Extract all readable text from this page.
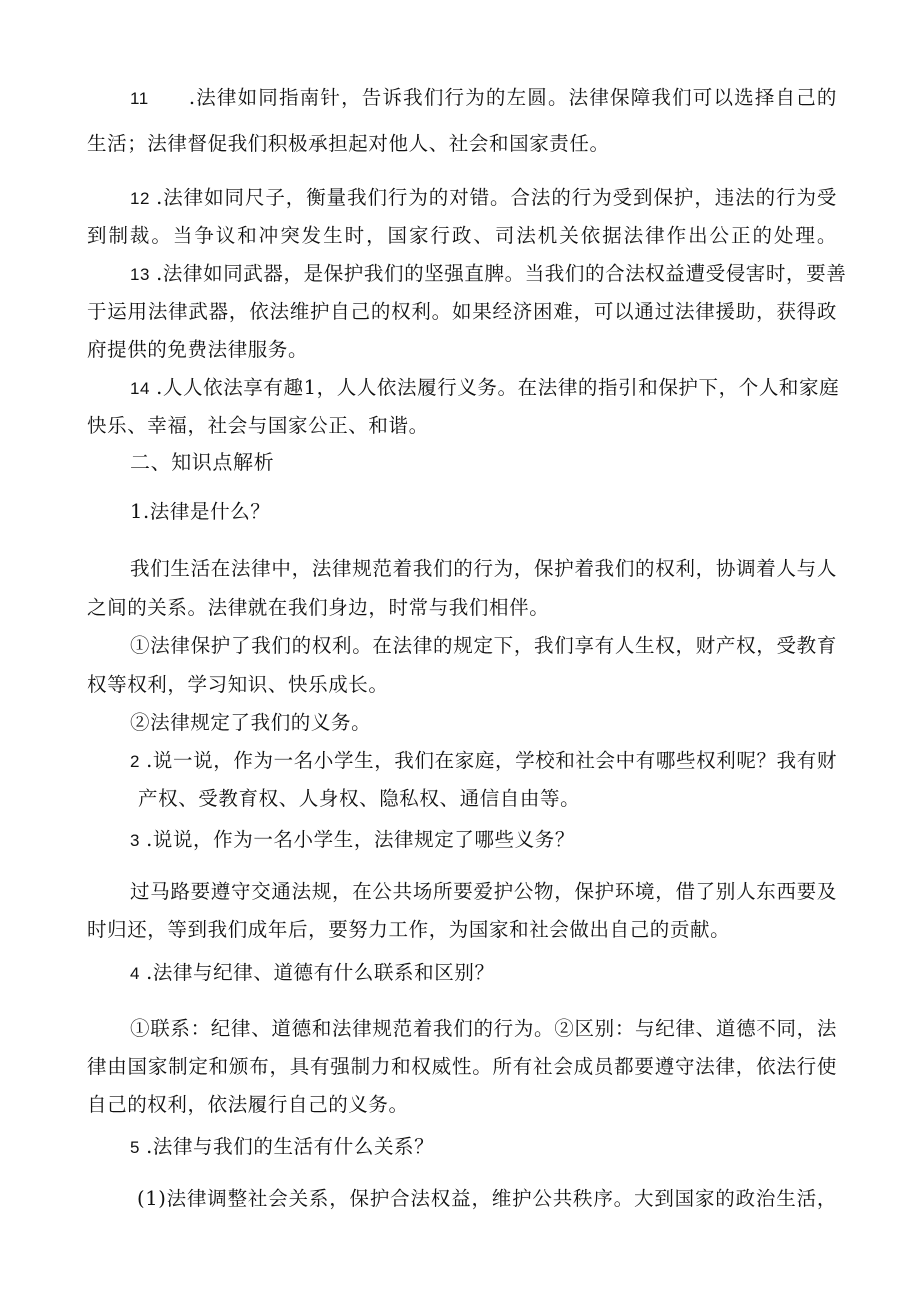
11 .法律如同指南针，告诉我们行为的左圆。法律保障我们可以选择自己的
生活；法律督促我们积极承担起对他人、社会和国家责任。
12 .法律如同尺子，衡量我们行为的对错。合法的行为受到保护，违法的行为受
到制裁。当争议和冲突发生时，国家行政、司法机关依据法律作出公正的处理。
13 .法律如同武器，是保护我们的坚强直脾。当我们的合法权益遭受侵害时，要善
于运用法律武器，依法维护自己的权利。如果经济困难，可以通过法律援助，获得政
府提供的免费法律服务。
14 .人人依法享有趣1，人人依法履行义务。在法律的指引和保护下，个人和家庭
快乐、幸福，社会与国家公正、和谐。
二、知识点解析
1.法律是什么？
我们生活在法律中，法律规范着我们的行为，保护着我们的权利，协调着人与人
之间的关系。法律就在我们身边，时常与我们相伴。
①法律保护了我们的权利。在法律的规定下，我们享有人生权，财产权，受教育
权等权利，学习知识、快乐成长。
②法律规定了我们的义务。
2 .说一说，作为一名小学生，我们在家庭，学校和社会中有哪些权利呢？我有财
产权、受教育权、人身权、隐私权、通信自由等。
3 .说说，作为一名小学生，法律规定了哪些义务？
过马路要遵守交通法规，在公共场所要爱护公物，保护环境，借了别人东西要及
时归还，等到我们成年后，要努力工作，为国家和社会做出自己的贡献。
4 .法律与纪律、道德有什么联系和区别？
①联系：纪律、道德和法律规范着我们的行为。②区别：与纪律、道德不同，法
律由国家制定和颁布，具有强制力和权威性。所有社会成员都要遵守法律，依法行使
自己的权利，依法履行自己的义务。
5 .法律与我们的生活有什么关系？
(1)法律调整社会关系，保护合法权益，维护公共秩序。大到国家的政治生活，
